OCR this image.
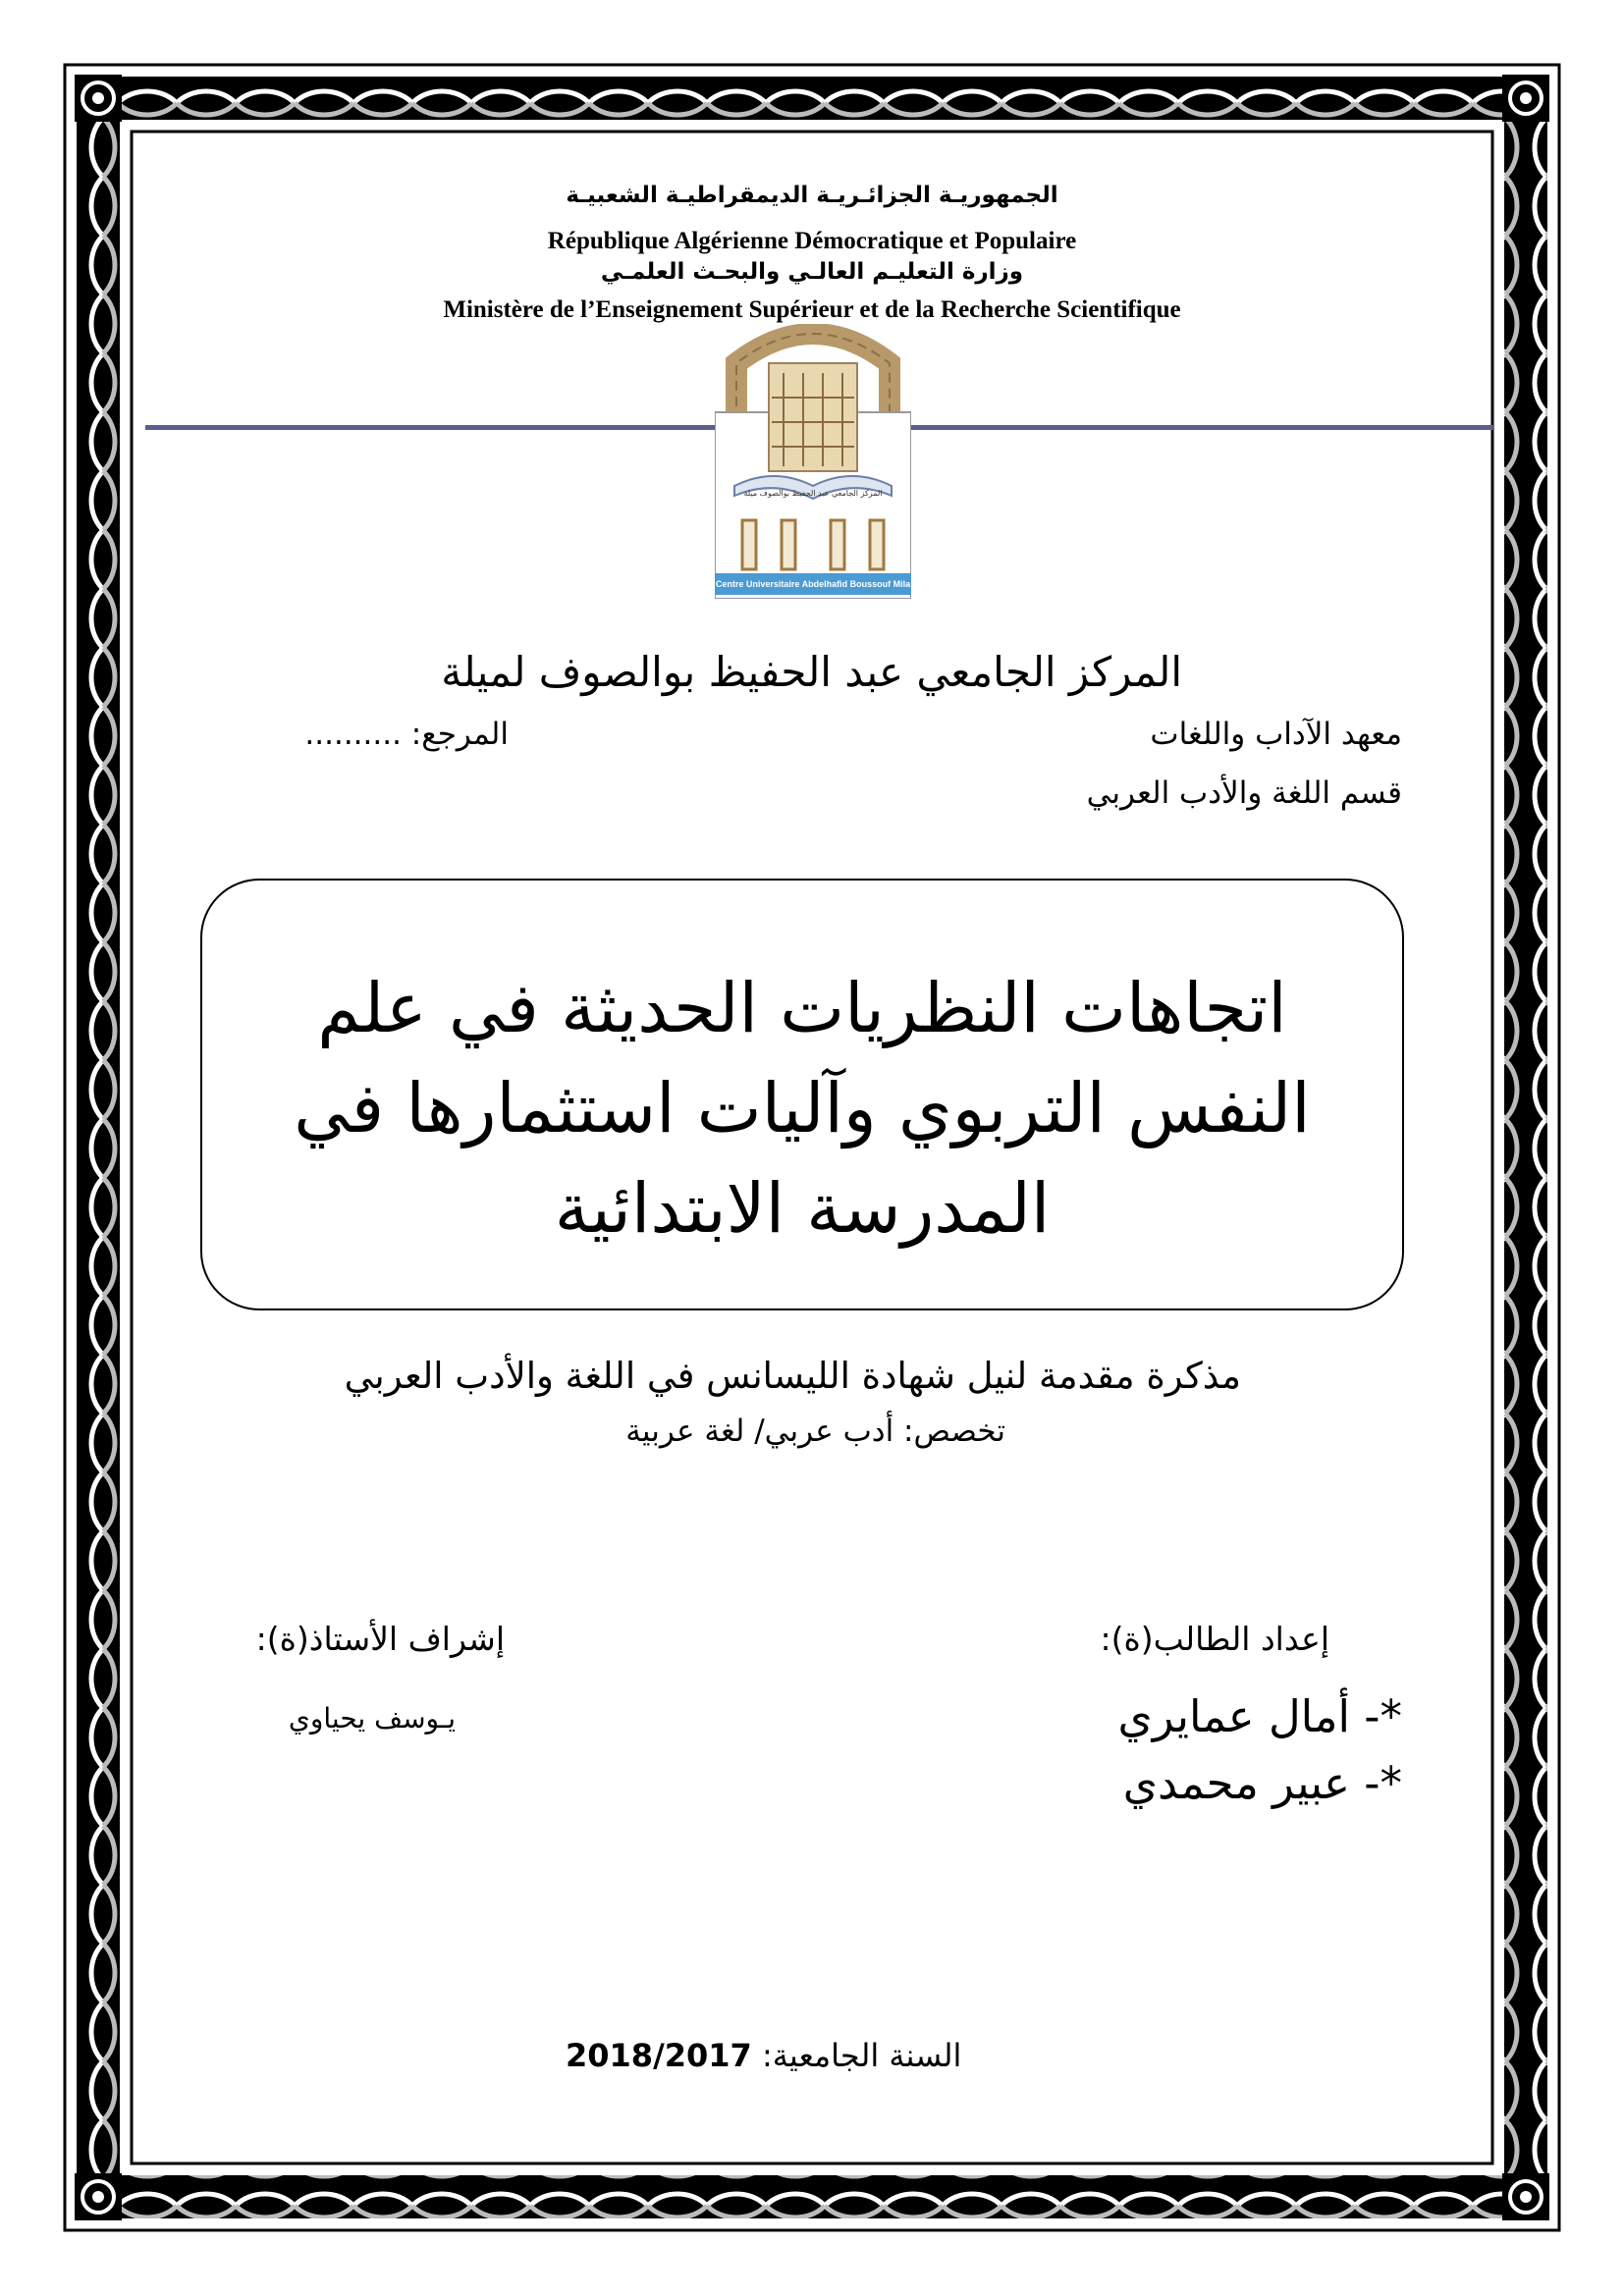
الجمهوريـة الجزائـريـة الديمقراطيـة الشعبيـة
République Algérienne Démocratique et Populaire
وزارة التعليـم العالـي والبحـث العلمـي
Ministère de l’Enseignement Supérieur et de la Recherche Scientifique
المركز الجامعي عبد الحفيظ بوالصوف ميلة
Centre Universitaire Abdelhafid Boussouf Mila
المركز الجامعي عبد الحفيظ بوالصوف لميلة
معهد الآداب واللغات
المرجع: ..........
قسم اللغة والأدب العربي
اتجاهات النظريات الحديثة في علم
النفس التربوي وآليات استثمارها في
المدرسة الابتدائية
مذكرة مقدمة لنيل شهادة الليسانس في اللغة والأدب العربي
تخصص: أدب عربي/ لغة عربية
إعداد الطالب(ة):
*- أمال عمايري
*- عبير محمدي
إشراف الأستاذ(ة):
يـوسف يحياوي
السنة الجامعية: 2018/2017
